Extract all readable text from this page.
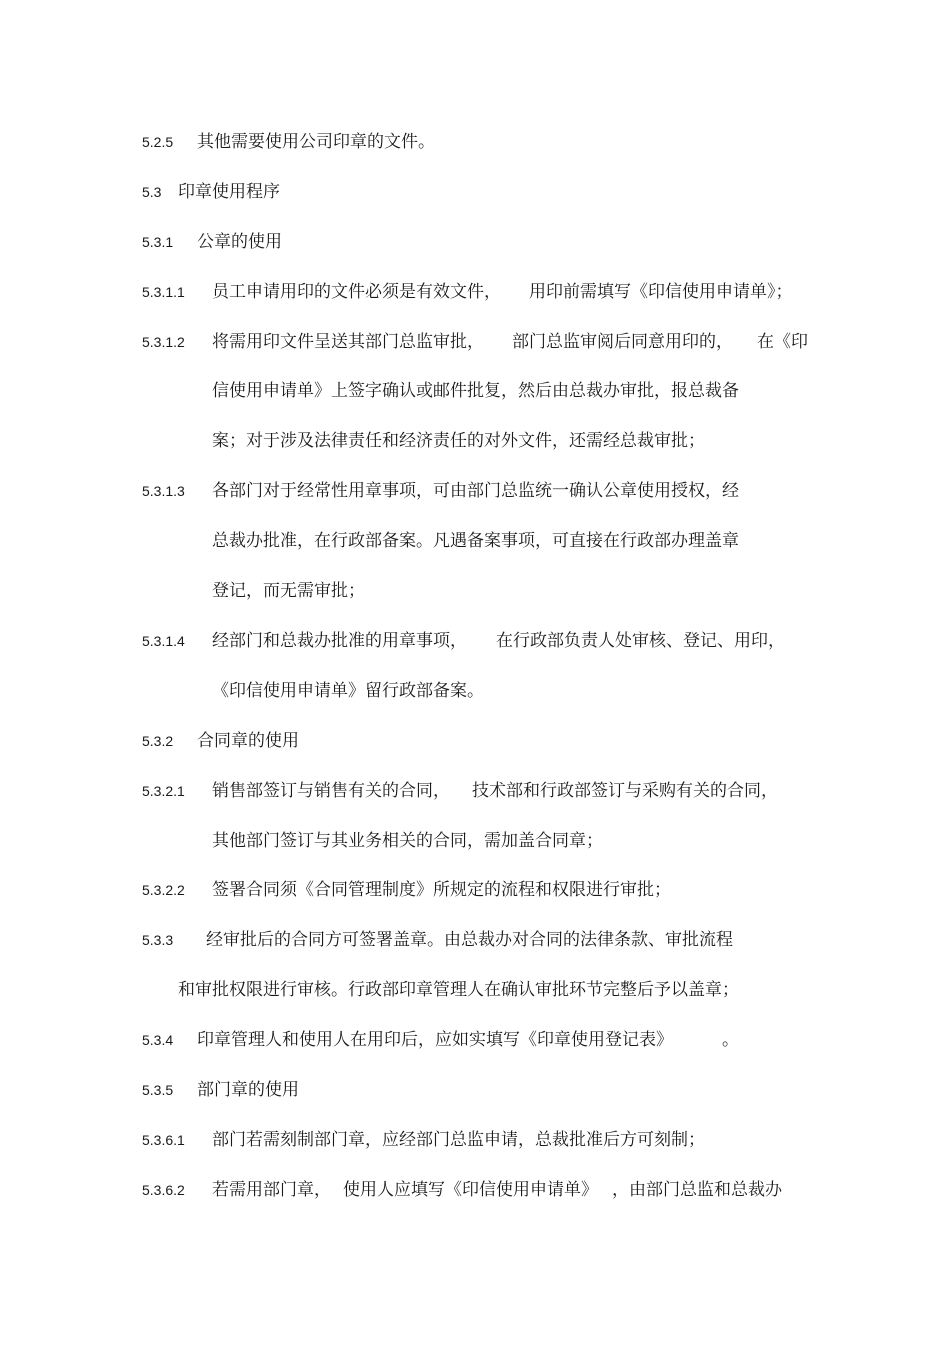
5.2.5 其他需要使用公司印章的文件。
5.3 印章使用程序
5.3.1 公章的使用
5.3.1.1 员工申请用印的文件必须是有效文件， 用印前需填写《印信使用申请单》；
5.3.1.2 将需用印文件呈送其部门总监审批， 部门总监审阅后同意用印的， 在《印
信使用申请单》上签字确认或邮件批复，然后由总裁办审批，报总裁备
案；对于涉及法律责任和经济责任的对外文件，还需经总裁审批；
5.3.1.3 各部门对于经常性用章事项，可由部门总监统一确认公章使用授权，经
总裁办批准，在行政部备案。凡遇备案事项，可直接在行政部办理盖章
登记，而无需审批；
5.3.1.4 经部门和总裁办批准的用章事项， 在行政部负责人处审核、登记、用印，
《印信使用申请单》留行政部备案。
5.3.2 合同章的使用
5.3.2.1 销售部签订与销售有关的合同， 技术部和行政部签订与采购有关的合同，
其他部门签订与其业务相关的合同，需加盖合同章；
5.3.2.2 签署合同须《合同管理制度》所规定的流程和权限进行审批；
5.3.3 经审批后的合同方可签署盖章。由总裁办对合同的法律条款、审批流程
和审批权限进行审核。行政部印章管理人在确认审批环节完整后予以盖章；
5.3.4 印章管理人和使用人在用印后，应如实填写《印章使用登记表》	。
5.3.5 部门章的使用
5.3.6.1 部门若需刻制部门章，应经部门总监申请，总裁批准后方可刻制；
5.3.6.2 若需用部门章， 使用人应填写《印信使用申请单》 ，由部门总监和总裁办
